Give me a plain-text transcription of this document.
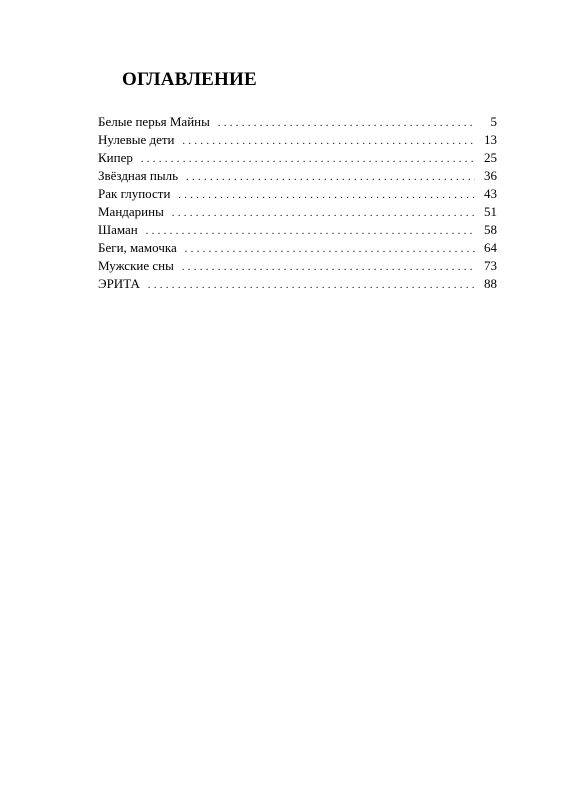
ОГЛАВЛЕНИЕ
Белые перья Майны . . .	5
Нулевые дети . . .	13
Кипер . . .	25
Звёздная пыль . . .	36
Рак глупости . . .	43
Мандарины . . .	51
Шаман . . .	58
Беги, мамочка . . .	64
Мужские сны . . .	73
ЭРИТА . . .	88
